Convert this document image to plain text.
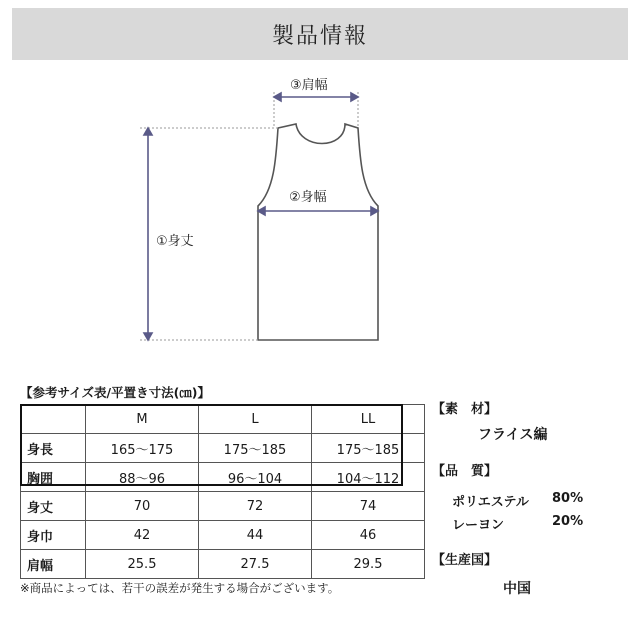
製品情報
③肩幅
②身幅
①身丈
【参考サイズ表/平置き寸法(㎝)】
	M	L	LL
身長	165〜175	175〜185	175〜185
胸囲	88〜96	96〜104	104〜112
身丈	70	72	74
身巾	42	44	46
肩幅	25.5	27.5	29.5
※商品によっては、若干の誤差が発生する場合がございます。
【素　材】
フライス編
【品　質】
ポリエステル 80%
レーヨン	20%
【生産国】
中国
